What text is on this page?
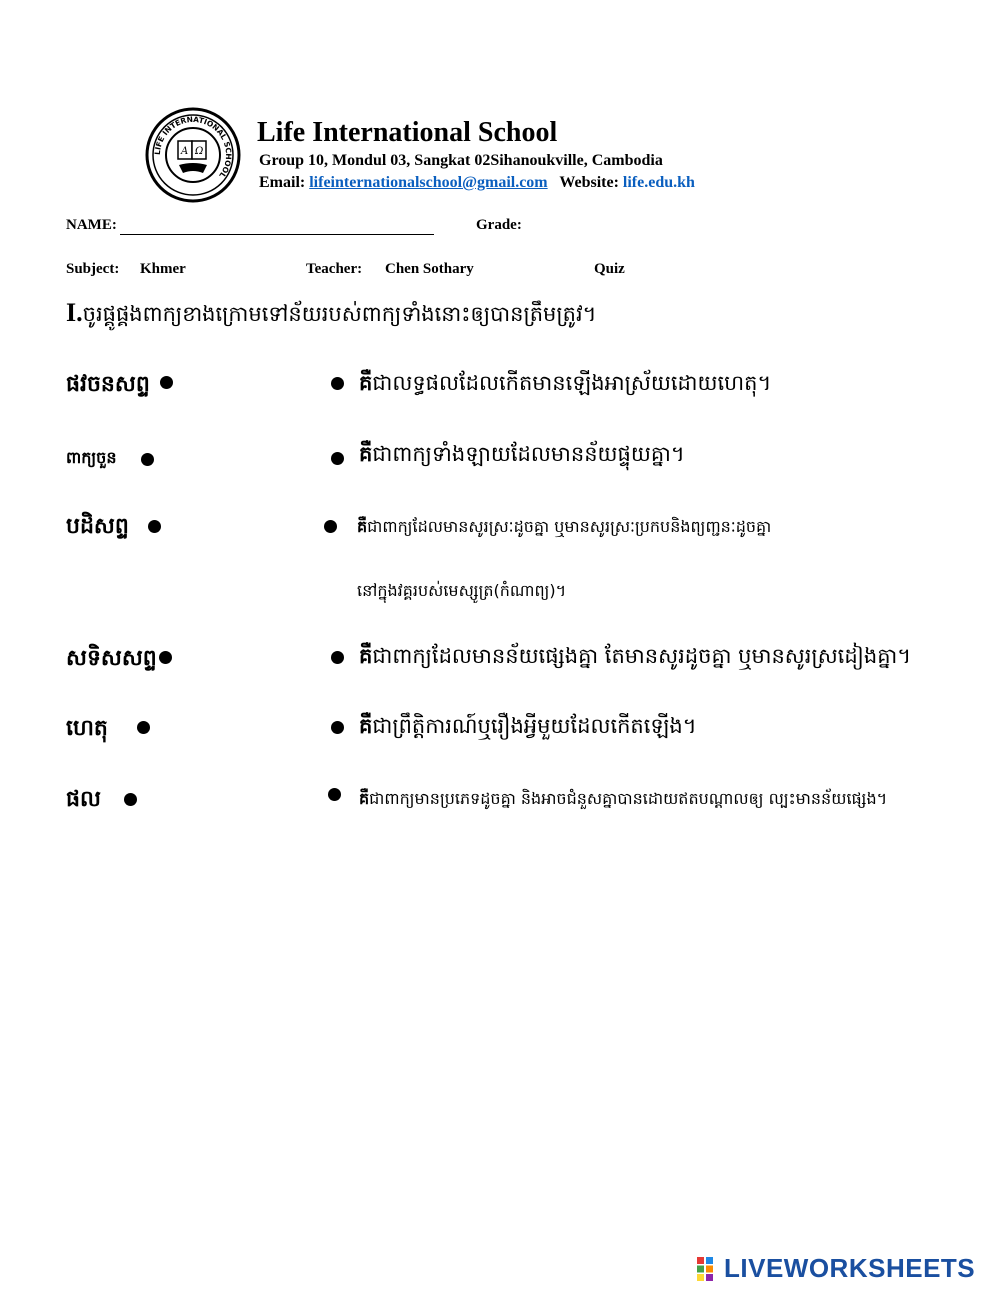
LIFE INTERNATIONAL SCHOOL
A Ω
Life International School
Group 10, Mondul 03, Sangkat 02Sihanoukville, Cambodia
Email: lifeinternationalschool@gmail.com Website: life.edu.kh
NAME:	Grade:
Subject: Khmer	Teacher: Chen Sothary	Quiz
I.ចូរផ្គូផ្គងពាក្យខាងក្រោមទៅន័យរបស់ពាក្យទាំងនោះឲ្យបានត្រឹមត្រូវ។
ផវចនសព្ទ	គឺជាលទ្ធផលដែលកើតមានឡើងអាស្រ័យដោយហេតុ។
ពាក្យចួន	គឺជាពាក្យទាំងឡាយដែលមានន័យផ្ទុយគ្នា។
បដិសព្ទ	គឺជាពាក្យដែលមានសូរស្រៈដូចគ្នា ឬមានសូរស្រៈប្រកបនិងព្យញ្ជនៈដូចគ្នា
នៅក្នុងវគ្គរបស់មេស្សូត្រ(កំណាព្យ)។
សទិសសព្ទ	គឺជាពាក្យដែលមានន័យផ្សេងគ្នា តែមានសូរដូចគ្នា ឬមានសូរស្រដៀងគ្នា។
ហេតុ	គឺជាព្រឹត្តិការណ៍ឬរឿងអ្វីមួយដែលកើតឡើង។
ផល	គឺជាពាក្យមានប្រភេទដូចគ្នា និងអាចជំនួសគ្នាបានដោយឥតបណ្តាលឲ្យ ល្បះមានន័យផ្សេង។
LIVEWORKSHEETS
